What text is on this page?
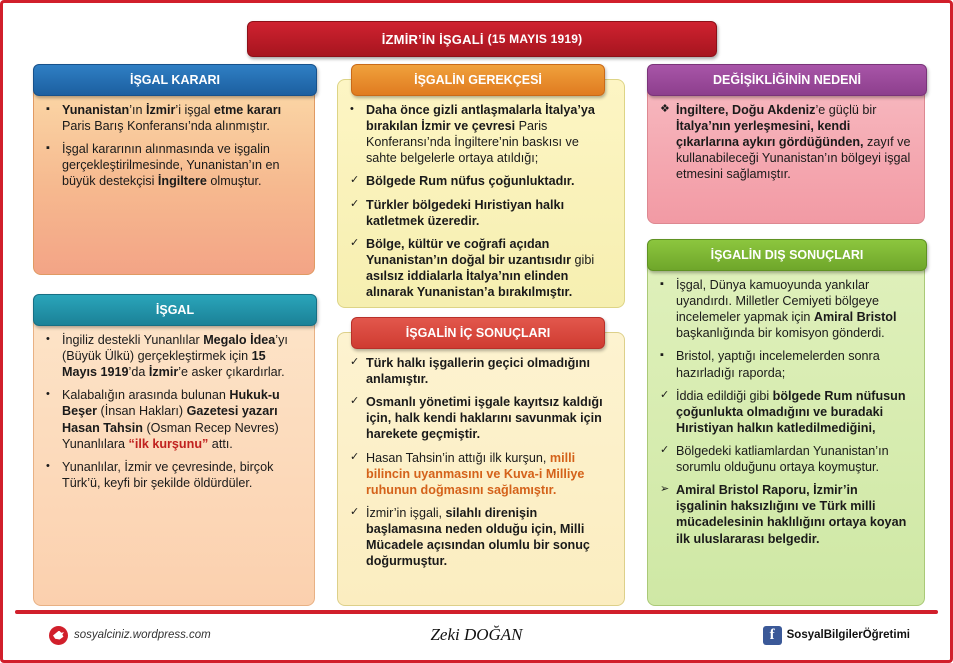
İZMİR’İN İŞGALİ (15 MAYIS 1919)
İŞGAL KARARI
▪ Yunanistan’ın İzmir’i işgal etme kararı Paris Barış Konferansı’nda alınmıştır.
▪ İşgal kararının alınmasında ve işgalin gerçekleştirilmesinde, Yunanistan’ın en büyük destekçisi İngiltere olmuştur.
İŞGAL
• İngiliz destekli Yunanlılar Megalo İdea’yı (Büyük Ülkü) gerçekleştirmek için 15 Mayıs 1919’da İzmir’e asker çıkardırlar.
• Kalabalığın arasında bulunan Hukuk-u Beşer (İnsan Hakları) Gazetesi yazarı Hasan Tahsin (Osman Recep Nevres) Yunanlılara “ilk kurşunu” attı.
• Yunanlılar, İzmir ve çevresinde, birçok Türk’ü, keyfi bir şekilde öldürdüler.
İŞGALİN GEREKÇESİ
• Daha önce gizli antlaşmalarla İtalya’ya bırakılan İzmir ve çevresi Paris Konferansı’nda İngiltere’nin baskısı ve sahte belgelerle ortaya atıldığı;
✓ Bölgede Rum nüfus çoğunluktadır.
✓ Türkler bölgedeki Hıristiyan halkı katletmek üzeredir.
✓ Bölge, kültür ve coğrafi açıdan Yunanistan’ın doğal bir uzantısıdır gibi asılsız iddialarla İtalya’nın elinden alınarak Yunanistan’a bırakılmıştır.
İŞGALİN İÇ SONUÇLARI
✓ Türk halkı işgallerin geçici olmadığını anlamıştır.
✓ Osmanlı yönetimi işgale kayıtsız kaldığı için, halk kendi haklarını savunmak için harekete geçmiştir.
✓ Hasan Tahsin’in attığı ilk kurşun, milli bilincin uyanmasını ve Kuva-i Milliye ruhunun doğmasını sağlamıştır.
✓ İzmir’in işgali, silahlı direnişin başlamasına neden olduğu için, Milli Mücadele açısından olumlu bir sonuç doğurmuştur.
DEĞİŞİKLİĞİNİN NEDENİ
❖ İngiltere, Doğu Akdeniz’e güçlü bir İtalya’nın yerleşmesini, kendi çıkarlarına aykırı gördüğünden, zayıf ve kullanabileceği Yunanistan’ın bölgeyi işgal etmesini sağlamıştır.
İŞGALİN DIŞ SONUÇLARI
▪ İşgal, Dünya kamuoyunda yankılar uyandırdı. Milletler Cemiyeti bölgeye incelemeler yapmak için Amiral Bristol başkanlığında bir komisyon gönderdi.
▪ Bristol, yaptığı incelemelerden sonra hazırladığı raporda;
✓ İddia edildiği gibi bölgede Rum nüfusun çoğunlukta olmadığını ve buradaki Hıristiyan halkın katledilmediğini,
✓ Bölgedeki katliamlardan Yunanistan’ın sorumlu olduğunu ortaya koymuştur.
➢ Amiral Bristol Raporu, İzmir’in işgalinin haksızlığını ve Türk milli mücadelesinin haklılığını ortaya koyan ilk uluslararası belgedir.
sosyalciniz.wordpress.com	Zeki DOĞAN	f	SosyalBilgilerÖğretimi
